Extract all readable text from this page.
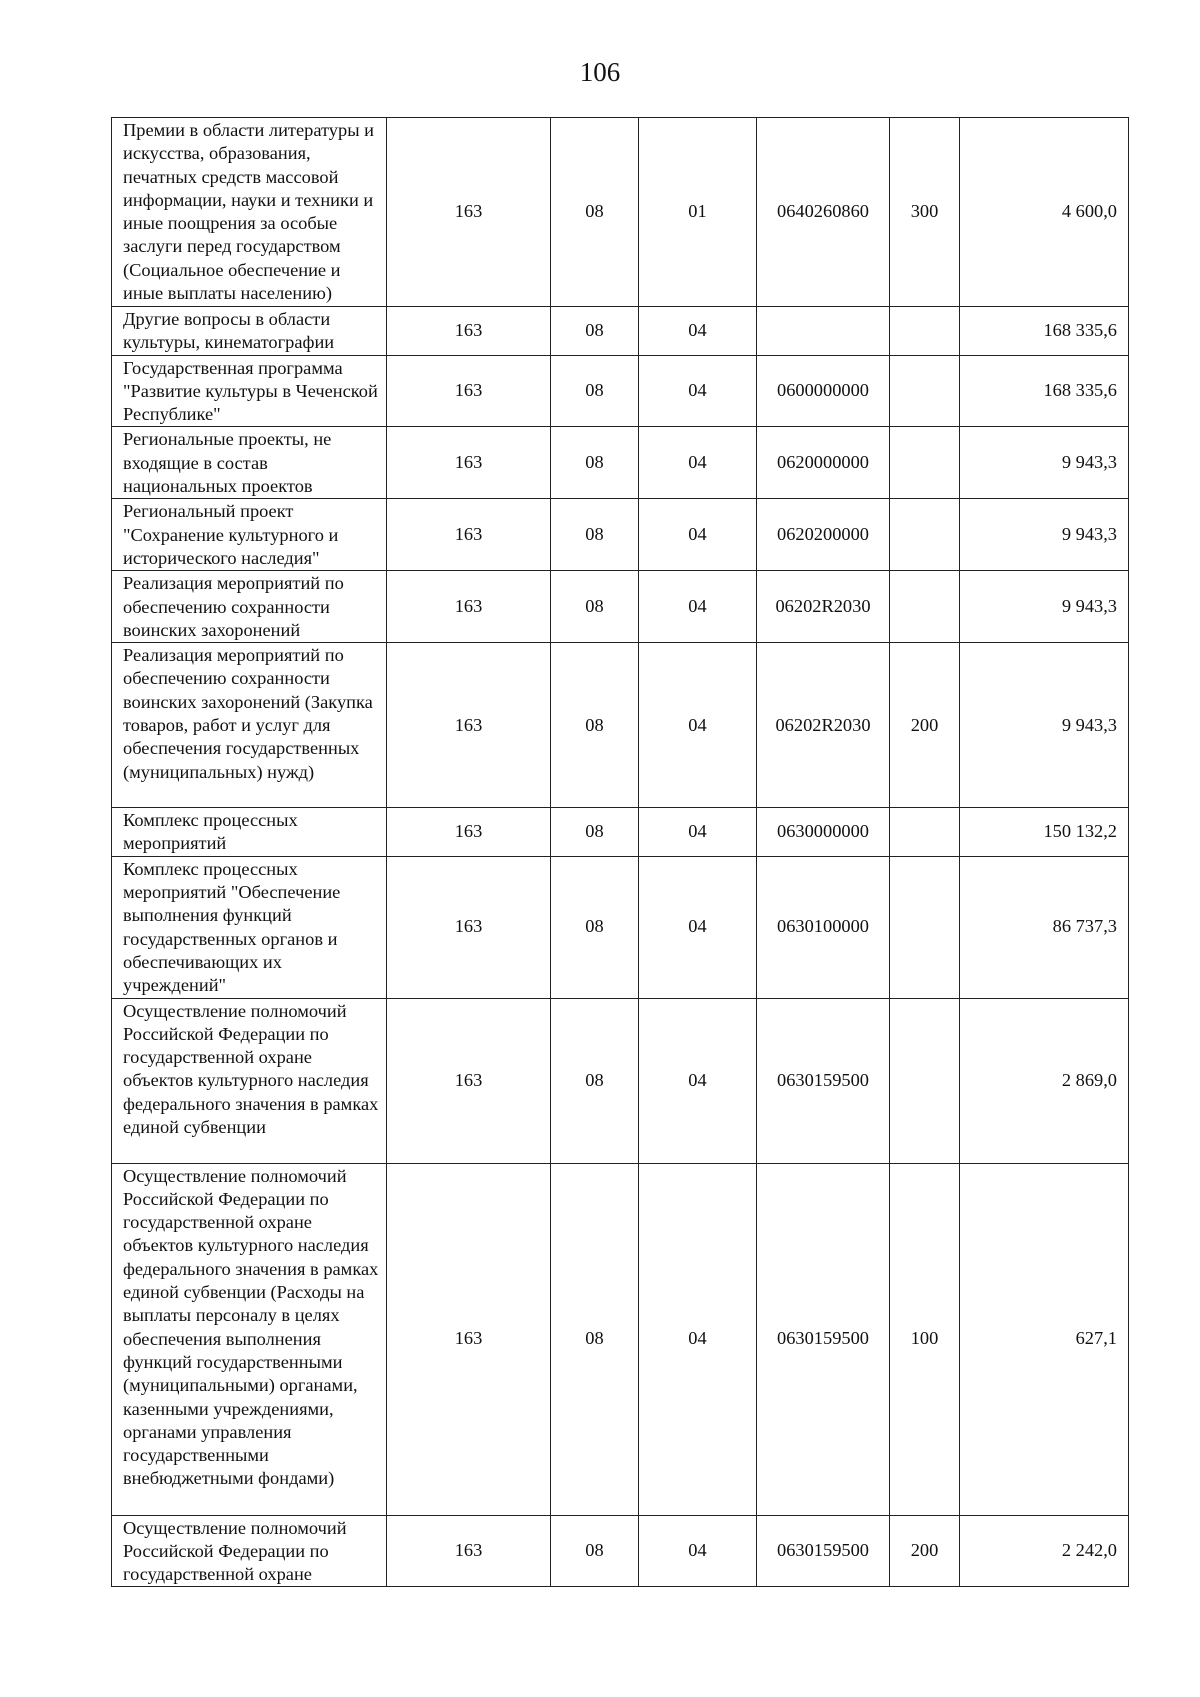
106
Премии в области литературы и искусства, образования, печатных средств массовой информации, науки и техники и иные поощрения за особые заслуги перед государством (Социальное обеспечение и иные выплаты населению)	163	08	01	0640260860	300	4 600,0
Другие вопросы в области культуры, кинематографии	163	08	04			168 335,6
Государственная программа "Развитие культуры в Чеченской Республике"	163	08	04	0600000000		168 335,6
Региональные проекты, не входящие в состав национальных проектов	163	08	04	0620000000		9 943,3
Региональный проект "Сохранение культурного и исторического наследия"	163	08	04	0620200000		9 943,3
Реализация мероприятий по обеспечению сохранности воинских захоронений	163	08	04	06202R2030		9 943,3
Реализация мероприятий по обеспечению сохранности воинских захоронений (Закупка товаров, работ и услуг для обеспечения государственных (муниципальных) нужд)	163	08	04	06202R2030	200	9 943,3
Комплекс процессных мероприятий	163	08	04	0630000000		150 132,2
Комплекс процессных мероприятий "Обеспечение выполнения функций государственных органов и обеспечивающих их учреждений"	163	08	04	0630100000		86 737,3
Осуществление полномочий Российской Федерации по государственной охране объектов культурного наследия федерального значения в рамках единой субвенции	163	08	04	0630159500		2 869,0
Осуществление полномочий Российской Федерации по государственной охране объектов культурного наследия федерального значения в рамках единой субвенции (Расходы на выплаты персоналу в целях обеспечения выполнения функций государственными (муниципальными) органами, казенными учреждениями, органами управления государственными внебюджетными фондами)	163	08	04	0630159500	100	627,1
Осуществление полномочий Российской Федерации по государственной охране	163	08	04	0630159500	200	2 242,0
